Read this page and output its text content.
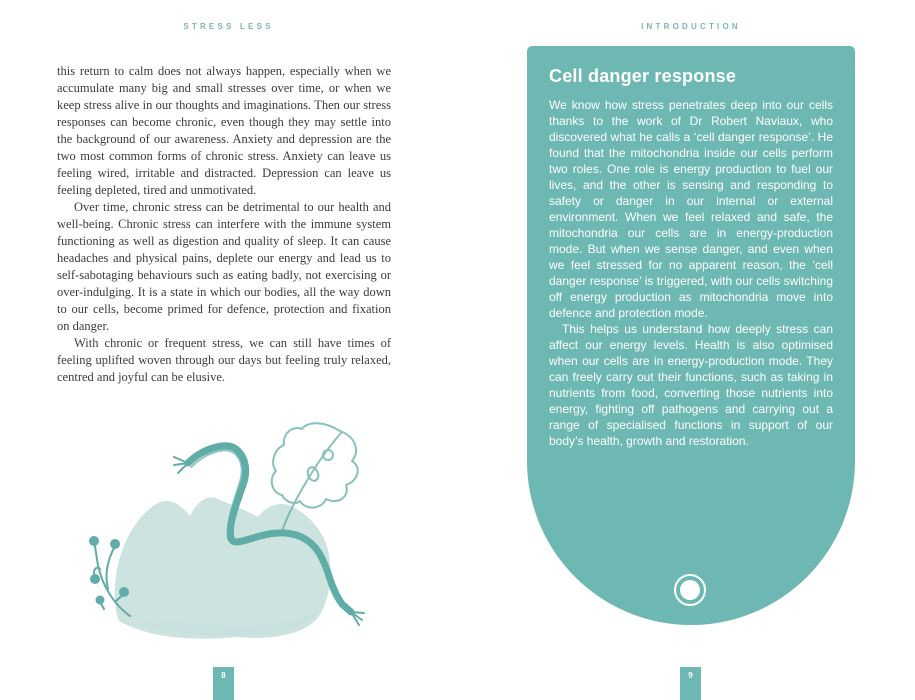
STRESS LESS	INTRODUCTION

this return to calm does not always happen, especially when we accumulate many big and small stresses over time, or when we keep stress alive in our thoughts and imaginations. Then our stress responses can become chronic, even though they may settle into the background of our awareness. Anxiety and depression are the two most common forms of chronic stress. Anxiety can leave us feeling wired, irritable and distracted. Depression can leave us feeling depleted, tired and unmotivated.

Over time, chronic stress can be detrimental to our health and well-being. Chronic stress can interfere with the immune system functioning as well as digestion and quality of sleep. It can cause headaches and physical pains, deplete our energy and lead us to self-sabotaging behaviours such as eating badly, not exercising or over-indulging. It is a state in which our bodies, all the way down to our cells, become primed for defence, protection and fixation on danger.

With chronic or frequent stress, we can still have times of feeling uplifted woven through our days but feeling truly relaxed, centred and joyful can be elusive.

8
Cell danger response

We know how stress penetrates deep into our cells thanks to the work of Dr Robert Naviaux, who discovered what he calls a ‘cell danger response’. He found that the mitochondria inside our cells perform two roles. One role is energy production to fuel our lives, and the other is sensing and responding to safety or danger in our internal or external environment. When we feel relaxed and safe, the mitochondria our cells are in energy-production mode. But when we sense danger, and even when we feel stressed for no apparent reason, the ‘cell danger response’ is triggered, with our cells switching off energy production as mitochondria move into defence and protection mode.

This helps us understand how deeply stress can affect our energy levels. Health is also optimised when our cells are in energy-production mode. They can freely carry out their functions, such as taking in nutrients from food, converting those nutrients into energy, fighting off pathogens and carrying out a range of specialised functions in support of our body’s health, growth and restoration.

9
